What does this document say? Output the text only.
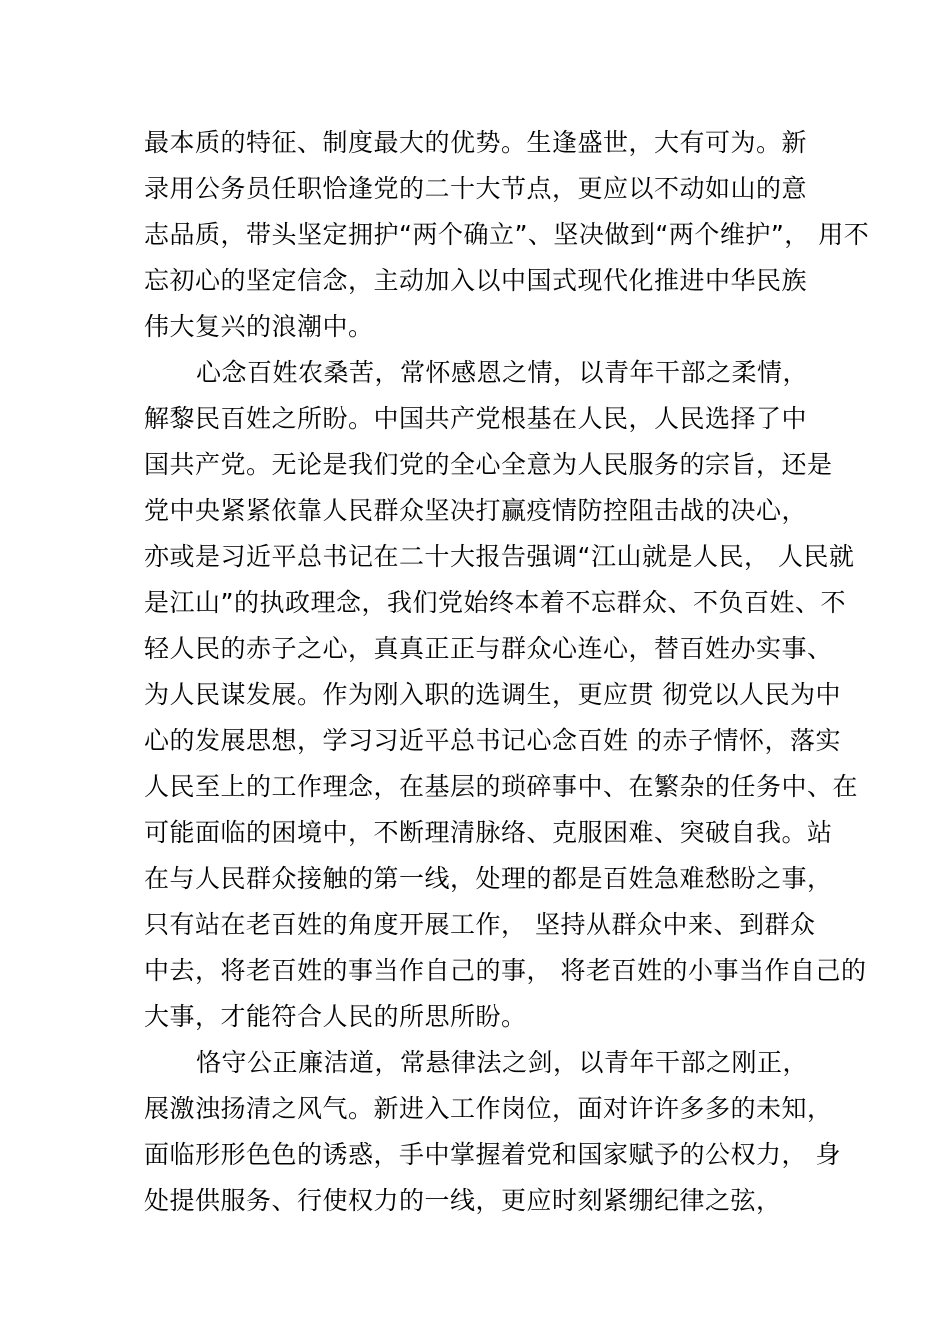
最本质的特征、制度最大的优势。生逢盛世，大有可为。新
录用公务员任职恰逢党的二十大节点，更应以不动如山的意
志品质，带头坚定拥护“两个确立”、坚决做到“两个维护”， 用不
忘初心的坚定信念，主动加入以中国式现代化推进中华民族
伟大复兴的浪潮中。
心念百姓农桑苦，常怀感恩之情，以青年干部之柔情，
解黎民百姓之所盼。中国共产党根基在人民，人民选择了中
国共产党。无论是我们党的全心全意为人民服务的宗旨，还是
党中央紧紧依靠人民群众坚决打赢疫情防控阻击战的决心，
亦或是习近平总书记在二十大报告强调“江山就是人民， 人民就
是江山”的执政理念，我们党始终本着不忘群众、不负百姓、不
轻人民的赤子之心，真真正正与群众心连心，替百姓办实事、
为人民谋发展。作为刚入职的选调生，更应贯 彻党以人民为中
心的发展思想，学习习近平总书记心念百姓 的赤子情怀，落实
人民至上的工作理念，在基层的琐碎事中、在繁杂的任务中、在
可能面临的困境中，不断理清脉络、克服困难、突破自我。站
在与人民群众接触的第一线，处理的都是百姓急难愁盼之事，
只有站在老百姓的角度开展工作， 坚持从群众中来、到群众
中去，将老百姓的事当作自己的事， 将老百姓的小事当作自己的
大事，才能符合人民的所思所盼。
恪守公正廉洁道，常悬律法之剑，以青年干部之刚正，
展激浊扬清之风气。新进入工作岗位，面对许许多多的未知，
面临形形色色的诱惑，手中掌握着党和国家赋予的公权力， 身
处提供服务、行使权力的一线，更应时刻紧绷纪律之弦，
